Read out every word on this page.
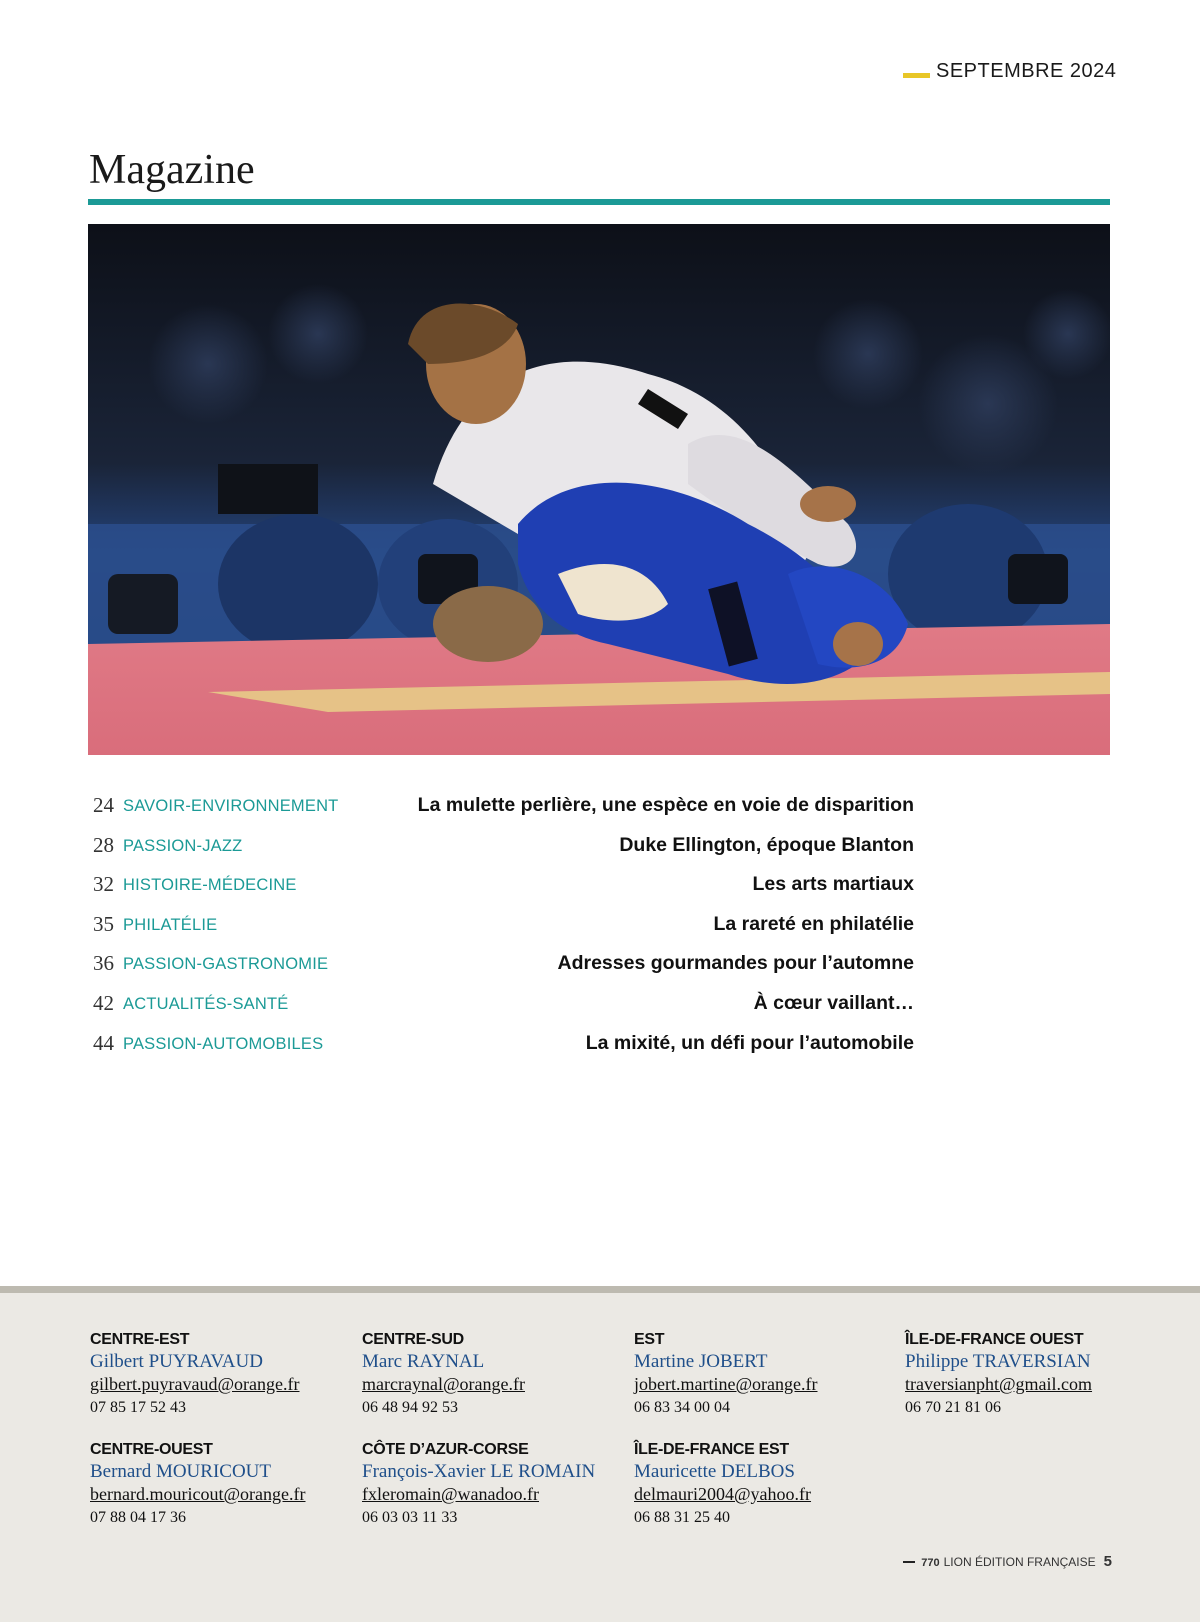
SEPTEMBRE 2024
Magazine
24 SAVOIR-ENVIRONNEMENT	La mulette perlière, une espèce en voie de disparition
28 PASSION-JAZZ	Duke Ellington, époque Blanton
32 HISTOIRE-MÉDECINE	Les arts martiaux
35 PHILATÉLIE	La rareté en philatélie
36 PASSION-GASTRONOMIE	Adresses gourmandes pour l’automne
42 ACTUALITÉS-SANTÉ	À cœur vaillant…
44 PASSION-AUTOMOBILES	La mixité, un défi pour l’automobile
CENTRE-EST
Gilbert PUYRAVAUD
gilbert.puyravaud@orange.fr
07 85 17 52 43
CENTRE-SUD
Marc RAYNAL
marcraynal@orange.fr
06 48 94 92 53
EST
Martine JOBERT
jobert.martine@orange.fr
06 83 34 00 04
ÎLE-DE-FRANCE OUEST
Philippe TRAVERSIAN
traversianpht@gmail.com
06 70 21 81 06
CENTRE-OUEST
Bernard MOURICOUT
bernard.mouricout@orange.fr
07 88 04 17 36
CÔTE D’AZUR-CORSE
François-Xavier LE ROMAIN
fxleromain@wanadoo.fr
06 03 03 11 33
ÎLE-DE-FRANCE EST
Mauricette DELBOS
delmauri2004@yahoo.fr
06 88 31 25 40
770 LION ÉDITION FRANÇAISE 5
